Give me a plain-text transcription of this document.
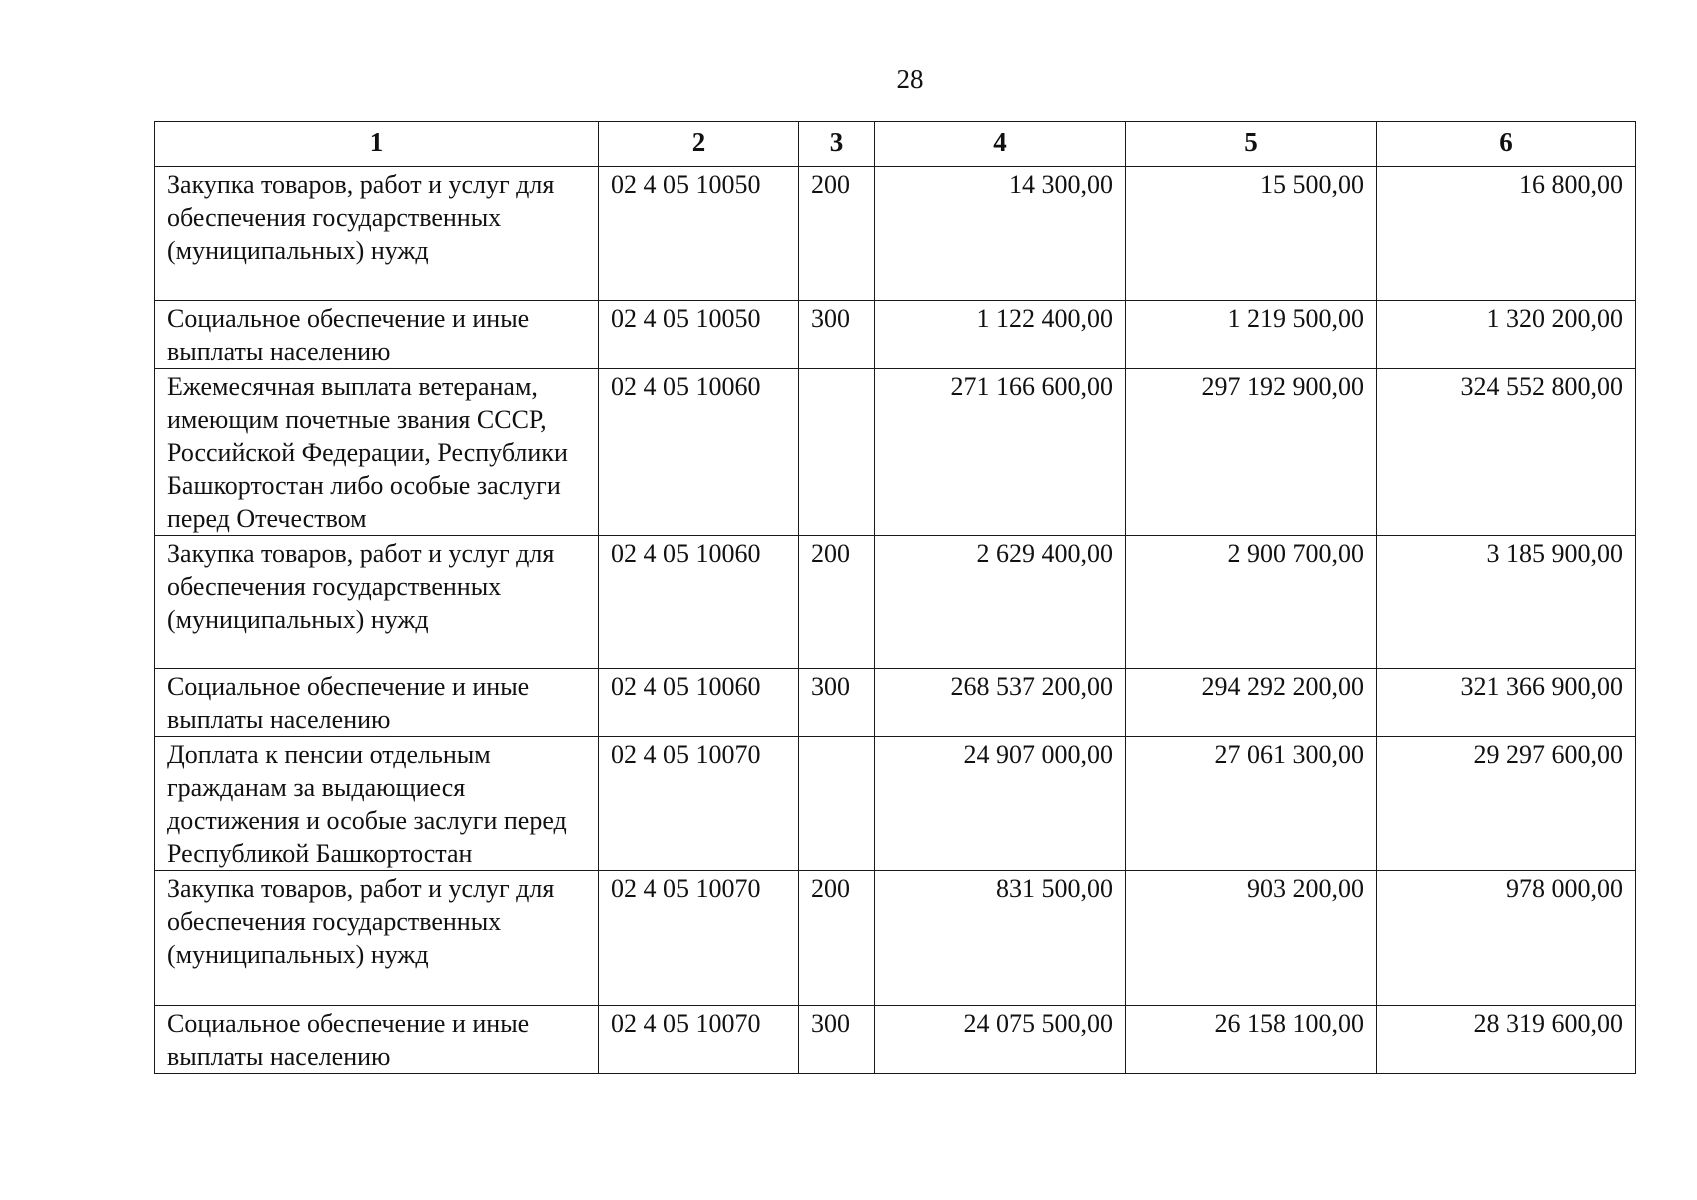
28
1	2	3	4	5	6
Закупка товаров, работ и услуг для обеспечения государственных (муниципальных) нужд	02 4 05 10050	200	14 300,00	15 500,00	16 800,00
Социальное обеспечение и иные выплаты населению	02 4 05 10050	300	1 122 400,00	1 219 500,00	1 320 200,00
Ежемесячная выплата ветеранам, имеющим почетные звания СССР, Российской Федерации, Республики Башкортостан либо особые заслуги перед Отечеством	02 4 05 10060		271 166 600,00	297 192 900,00	324 552 800,00
Закупка товаров, работ и услуг для обеспечения государственных (муниципальных) нужд	02 4 05 10060	200	2 629 400,00	2 900 700,00	3 185 900,00
Социальное обеспечение и иные выплаты населению	02 4 05 10060	300	268 537 200,00	294 292 200,00	321 366 900,00
Доплата к пенсии отдельным гражданам за выдающиеся достижения и особые заслуги перед Республикой Башкортостан	02 4 05 10070		24 907 000,00	27 061 300,00	29 297 600,00
Закупка товаров, работ и услуг для обеспечения государственных (муниципальных) нужд	02 4 05 10070	200	831 500,00	903 200,00	978 000,00
Социальное обеспечение и иные выплаты населению	02 4 05 10070	300	24 075 500,00	26 158 100,00	28 319 600,00
